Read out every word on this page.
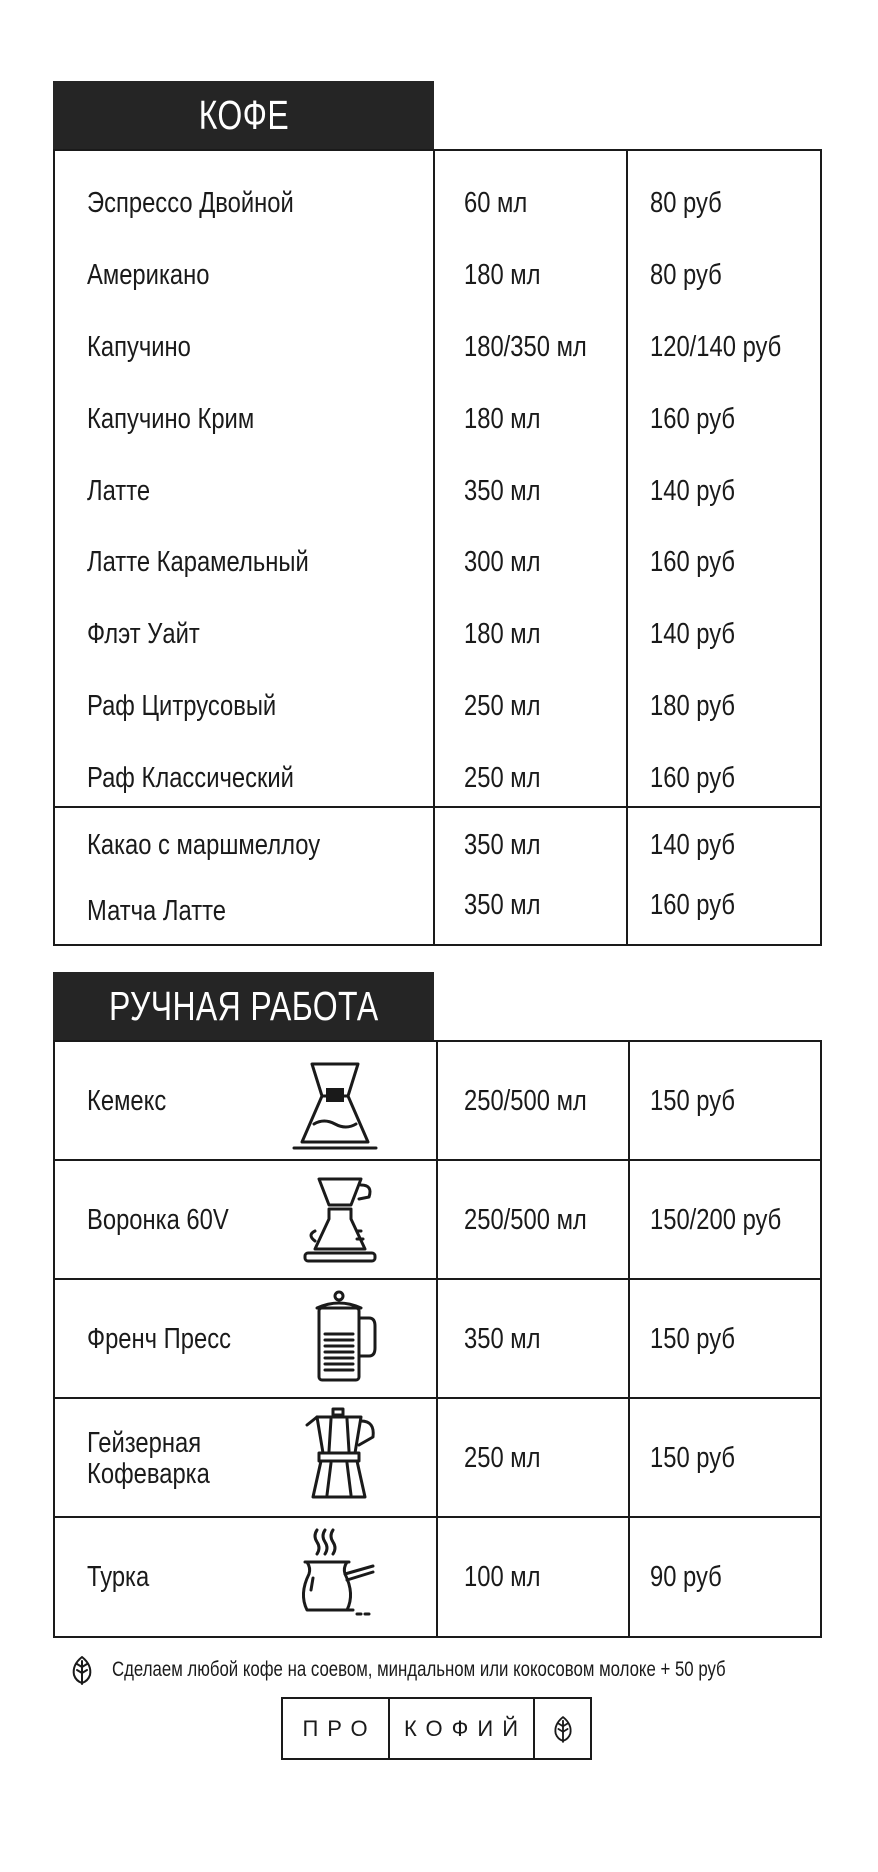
КОФЕ
Эспрессо Двойной	60 мл	80 руб
Американо	180 мл	80 руб
Капучино	180/350 мл 120/140 руб
Капучино Крим	180 мл	160 руб
Латте	350 мл	140 руб
Латте Карамельный	300 мл	160 руб
Флэт Уайт	180 мл	140 руб
Раф Цитрусовый	250 мл	180 руб
Раф Классический	250 мл	160 руб
Какао с маршмеллоу	350 мл	140 руб
Матча Латте	350 мл	160 руб
РУЧНАЯ РАБОТА
Кемекс	250/500 мл 150 руб
Воронка 60V	250/500 мл 150/200 руб
Френч Пресс	350 мл	150 руб
Гейзерная
Кофеварка	250 мл	150 руб
Турка	100 мл	90 руб
Сделаем любой кофе на соевом, миндальном или кокосовом молоке + 50 руб
ПРО	КОФИЙ
